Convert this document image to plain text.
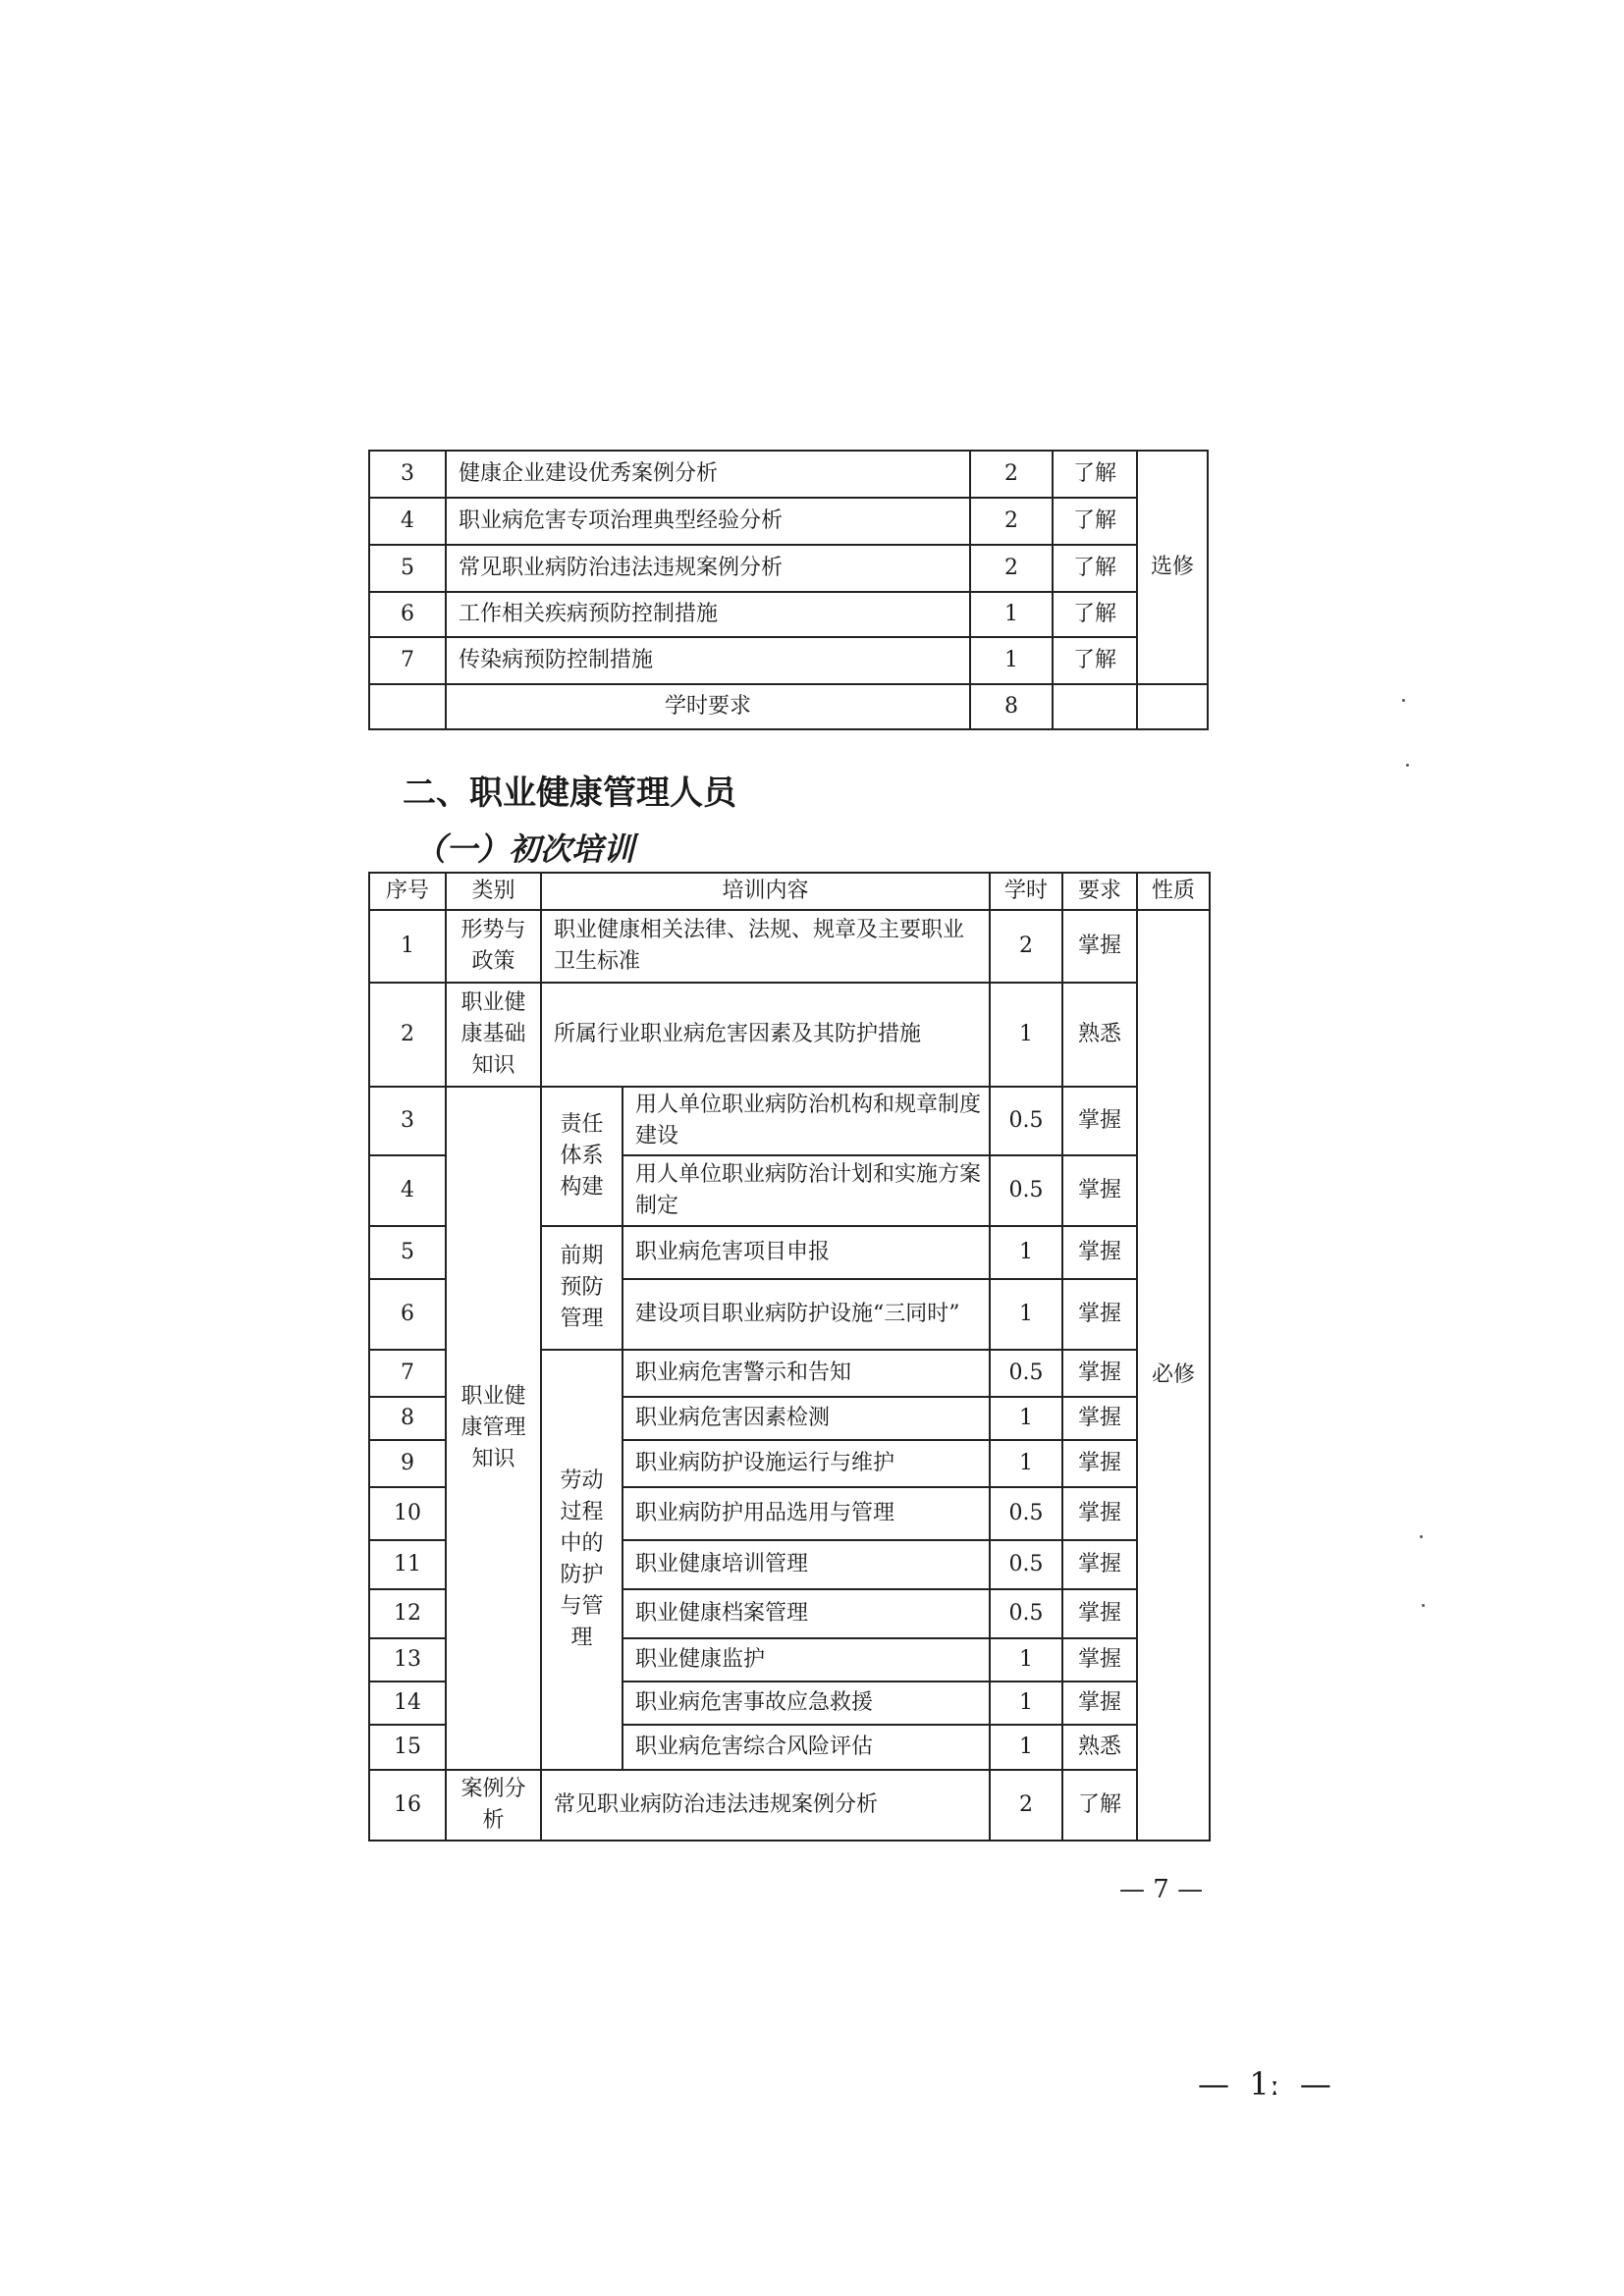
3	健康企业建设优秀案例分析	2	了解	选修
4	职业病危害专项治理典型经验分析	2	了解	
5	常见职业病防治违法违规案例分析	2	了解	
6	工作相关疾病预防控制措施	1	了解	
7	传染病预防控制措施	1	了解	
	学时要求	8		
二、职业健康管理人员
（一）初次培训
序号	类别	培训内容		学时	要求	性质	
1	形势与政策	职业健康相关法律、法规、规章及主要职业卫生标准		2	掌握	必修	
2	职业健康基础知识	所属行业职业病危害因素及其防护措施		1	熟悉		
3	职业健康管理知识	责任体系构建	用人单位职业病防治机构和规章制度建设	0.5	掌握		
4			用人单位职业病防治计划和实施方案制定	0.5	掌握		
5		前期预防管理	职业病危害项目申报	1	掌握		
6			建设项目职业病防护设施“三同时”	1	掌握		
7		劳动过程中的防护与管理	职业病危害警示和告知	0.5	掌握		
8			职业病危害因素检测	1	掌握		
9			职业病防护设施运行与维护	1	掌握		
10			职业病防护用品选用与管理	0.5	掌握		
11			职业健康培训管理	0.5	掌握		
12			职业健康档案管理	0.5	掌握		
13			职业健康监护	1	掌握		
14			职业病危害事故应急救援	1	掌握		
15			职业病危害综合风险评估	1	熟悉		
16	案例分析	常见职业病防治违法违规案例分析		2	了解	
— 7 —
—  1ː  —
